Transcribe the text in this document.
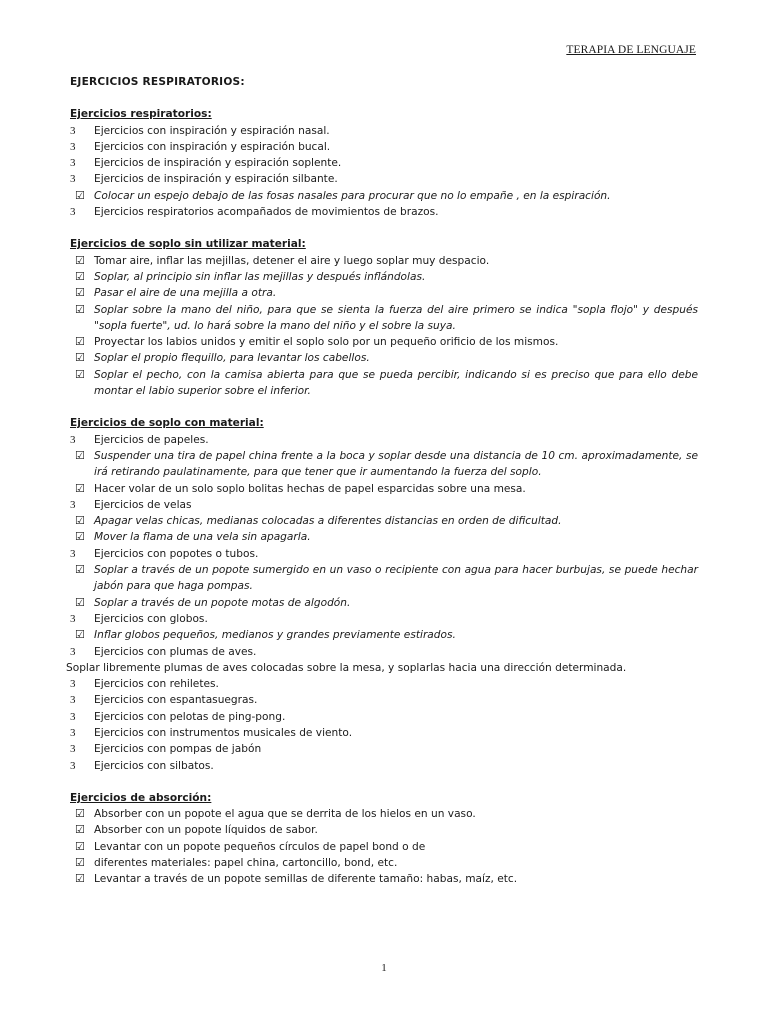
TERAPIA DE LENGUAJE
EJERCICIOS RESPIRATORIOS:
Ejercicios respiratorios:
3	Ejercicios con inspiración y espiración nasal.
3	Ejercicios con inspiración y espiración bucal.
3	Ejercicios de inspiración y espiración soplente.
3	Ejercicios de inspiración y espiración silbante.
☑ Colocar un espejo debajo de las fosas nasales para procurar que no lo empañe , en la espiración.
3	Ejercicios respiratorios acompañados de movimientos de brazos.
Ejercicios de soplo sin utilizar material:
☑ Tomar aire, inflar las mejillas, detener el aire y luego soplar muy despacio.
☑ Soplar, al principio sin inflar las mejillas y después inflándolas.
☑ Pasar el aire de una mejilla a otra.
☑ Soplar sobre la mano del niño, para que se sienta la fuerza del aire primero se indica "sopla flojo" y después "sopla fuerte", ud. lo hará sobre la mano del niño y el sobre la suya.
☑ Proyectar los labios unidos y emitir el soplo solo por un pequeño orificio de los mismos.
☑ Soplar el propio flequillo, para levantar los cabellos.
☑ Soplar el pecho, con la camisa abierta para que se pueda percibir, indicando si es preciso que para ello debe montar el labio superior sobre el inferior.
Ejercicios de soplo con material:
3	Ejercicios de papeles.
☑ Suspender una tira de papel china frente a la boca y soplar desde una distancia de 10 cm. aproximadamente, se irá retirando paulatinamente, para que tener que ir aumentando la fuerza del soplo.
☑ Hacer volar de un solo soplo bolitas hechas de papel esparcidas sobre una mesa.
3	Ejercicios de velas
☑ Apagar velas chicas, medianas colocadas a diferentes distancias en orden de dificultad.
☑ Mover la flama de una vela sin apagarla.
3	Ejercicios con popotes o tubos.
☑ Soplar a través de un popote sumergido en un vaso o recipiente con agua para hacer burbujas, se puede hechar jabón para que haga pompas.
☑ Soplar a través de un popote motas de algodón.
3	Ejercicios con globos.
☑ Inflar globos pequeños, medianos y grandes previamente estirados.
3	Ejercicios con plumas de aves.
Soplar libremente plumas de aves colocadas sobre la mesa, y soplarlas hacia una dirección determinada.
3	Ejercicios con rehiletes.
3	Ejercicios con espantasuegras.
3	Ejercicios con pelotas de ping-pong.
3	Ejercicios con instrumentos musicales de viento.
3	Ejercicios con pompas de jabón
3	Ejercicios con silbatos.
Ejercicios de absorción:
☑ Absorber con un popote el agua que se derrita de los hielos en un vaso.
☑ Absorber con un popote líquidos de sabor.
☑ Levantar con un popote pequeños círculos de papel bond o de
☑ diferentes materiales: papel china, cartoncillo, bond, etc.
☑ Levantar a través de un popote semillas de diferente tamaño: habas, maíz, etc.
1
